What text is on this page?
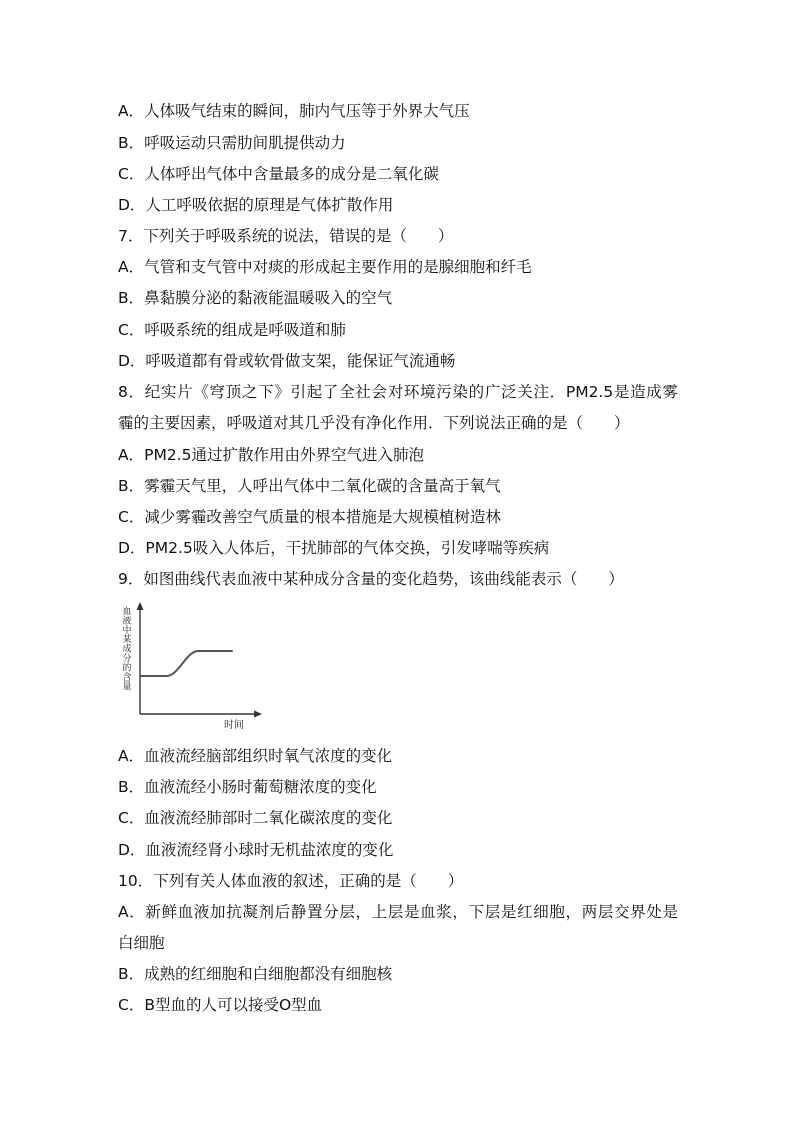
A．人体吸气结束的瞬间，肺内气压等于外界大气压
B．呼吸运动只需肋间肌提供动力
C．人体呼出气体中含量最多的成分是二氧化碳
D．人工呼吸依据的原理是气体扩散作用
7．下列关于呼吸系统的说法，错误的是（　　）
A．气管和支气管中对痰的形成起主要作用的是腺细胞和纤毛
B．鼻黏膜分泌的黏液能温暖吸入的空气
C．呼吸系统的组成是呼吸道和肺
D．呼吸道都有骨或软骨做支架，能保证气流通畅
8．纪实片《穹顶之下》引起了全社会对环境污染的广泛关注．PM2.5是造成雾
霾的主要因素，呼吸道对其几乎没有净化作用．下列说法正确的是（　　）
A．PM2.5通过扩散作用由外界空气进入肺泡
B．雾霾天气里，人呼出气体中二氧化碳的含量高于氧气
C．减少雾霾改善空气质量的根本措施是大规模植树造林
D．PM2.5吸入人体后，干扰肺部的气体交换，引发哮喘等疾病
9．如图曲线代表血液中某种成分含量的变化趋势，该曲线能表示（　　）
血
液
中
某
成
分
的
含
量
时间
A．血液流经脑部组织时氧气浓度的变化
B．血液流经小肠时葡萄糖浓度的变化
C．血液流经肺部时二氧化碳浓度的变化
D．血液流经肾小球时无机盐浓度的变化
10．下列有关人体血液的叙述，正确的是（　　）
A．新鲜血液加抗凝剂后静置分层，上层是血浆，下层是红细胞，两层交界处是
白细胞
B．成熟的红细胞和白细胞都没有细胞核
C．B型血的人可以接受O型血
